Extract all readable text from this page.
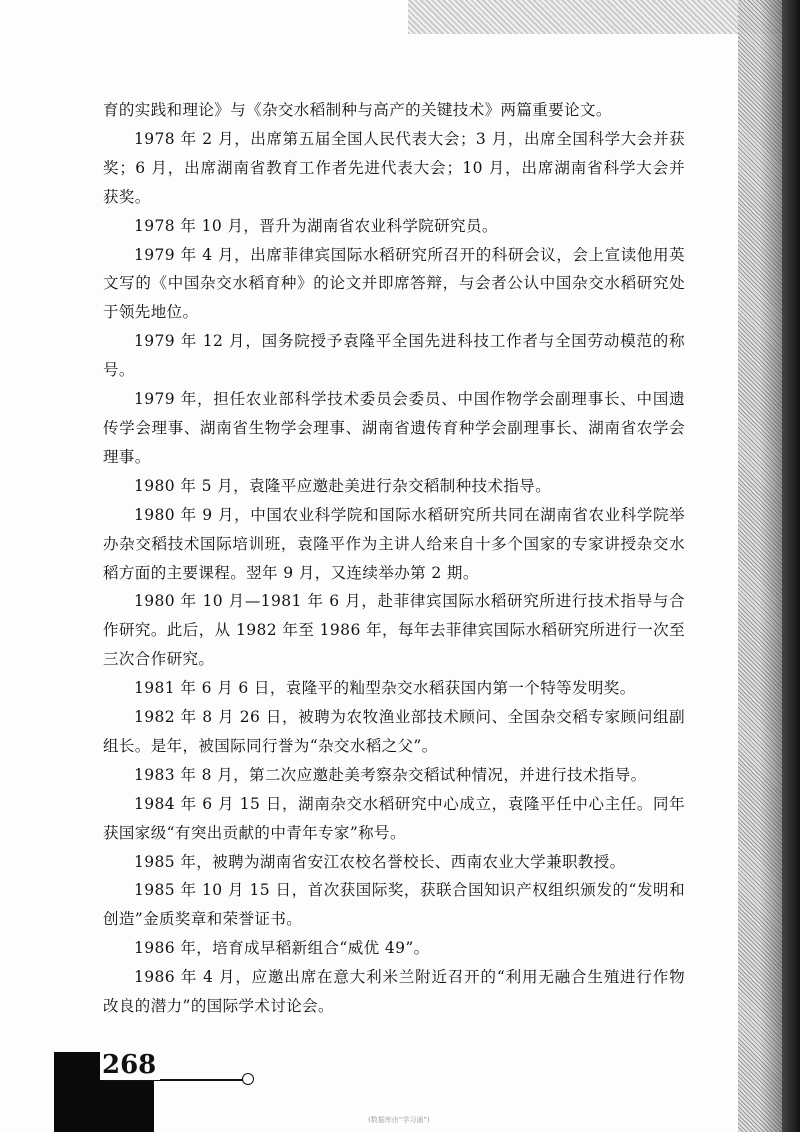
育的实践和理论》与《杂交水稻制种与高产的关键技术》两篇重要论文。

1978 年 2 月，出席第五届全国人民代表大会；3 月，出席全国科学大会并获奖；6 月，出席湖南省教育工作者先进代表大会；10 月，出席湖南省科学大会并获奖。

1978 年 10 月，晋升为湖南省农业科学院研究员。

1979 年 4 月，出席菲律宾国际水稻研究所召开的科研会议，会上宣读他用英文写的《中国杂交水稻育种》的论文并即席答辩，与会者公认中国杂交水稻研究处于领先地位。

1979 年 12 月，国务院授予袁隆平全国先进科技工作者与全国劳动模范的称号。

1979 年，担任农业部科学技术委员会委员、中国作物学会副理事长、中国遗传学会理事、湖南省生物学会理事、湖南省遗传育种学会副理事长、湖南省农学会理事。

1980 年 5 月，袁隆平应邀赴美进行杂交稻制种技术指导。

1980 年 9 月，中国农业科学院和国际水稻研究所共同在湖南省农业科学院举办杂交稻技术国际培训班，袁隆平作为主讲人给来自十多个国家的专家讲授杂交水稻方面的主要课程。翌年 9 月，又连续举办第 2 期。

1980 年 10 月—1981 年 6 月，赴菲律宾国际水稻研究所进行技术指导与合作研究。此后，从 1982 年至 1986 年，每年去菲律宾国际水稻研究所进行一次至三次合作研究。

1981 年 6 月 6 日，袁隆平的籼型杂交水稻获国内第一个特等发明奖。

1982 年 8 月 26 日，被聘为农牧渔业部技术顾问、全国杂交稻专家顾问组副组长。是年，被国际同行誉为“杂交水稻之父”。

1983 年 8 月，第二次应邀赴美考察杂交稻试种情况，并进行技术指导。

1984 年 6 月 15 日，湖南杂交水稻研究中心成立，袁隆平任中心主任。同年获国家级“有突出贡献的中青年专家”称号。

1985 年，被聘为湖南省安江农校名誉校长、西南农业大学兼职教授。

1985 年 10 月 15 日，首次获国际奖，获联合国知识产权组织颁发的“发明和创造”金质奖章和荣誉证书。

1986 年，培育成早稻新组合“威优 49”。

1986 年 4 月，应邀出席在意大利米兰附近召开的“利用无融合生殖进行作物改良的潜力”的国际学术讨论会。

268
(数据库由“学习通”)
